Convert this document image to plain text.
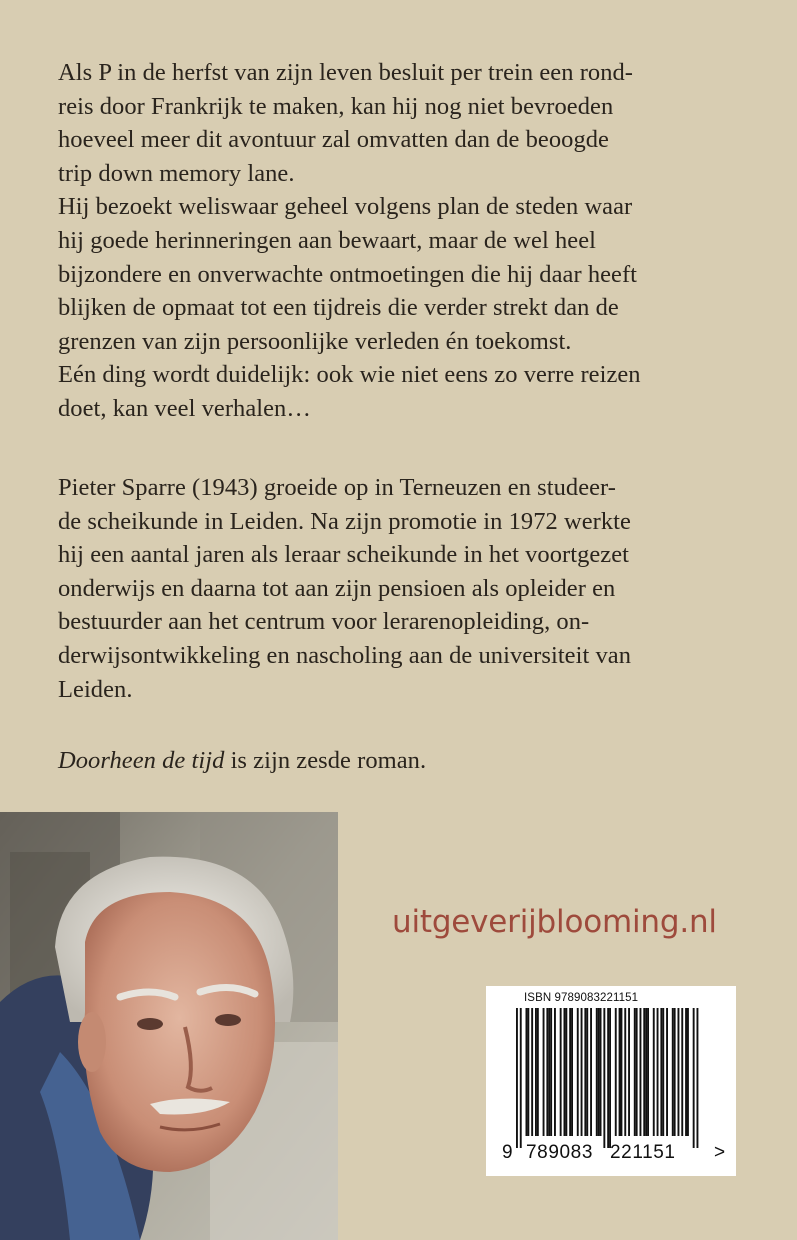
Als P in de herfst van zijn leven besluit per trein een rond-
reis door Frankrijk te maken, kan hij nog niet bevroeden
hoeveel meer dit avontuur zal omvatten dan de beoogde
trip down memory lane.
Hij bezoekt weliswaar geheel volgens plan de steden waar
hij goede herinneringen aan bewaart, maar de wel heel
bijzondere en onverwachte ontmoetingen die hij daar heeft
blijken de opmaat tot een tijdreis die verder strekt dan de
grenzen van zijn persoonlijke verleden én toekomst.
Eén ding wordt duidelijk: ook wie niet eens zo verre reizen
doet, kan veel verhalen…
Pieter Sparre (1943) groeide op in Terneuzen en studeer-
de scheikunde in Leiden. Na zijn promotie in 1972 werkte
hij een aantal jaren als leraar scheikunde in het voortgezet
onderwijs en daarna tot aan zijn pensioen als opleider en
bestuurder aan het centrum voor lerarenopleiding, on-
derwijsontwikkeling en nascholing aan de universiteit van
Leiden.
Doorheen de tijd is zijn zesde roman.
uitgeverijblooming.nl
ISBN 9789083221151
9 789083 221151 >
